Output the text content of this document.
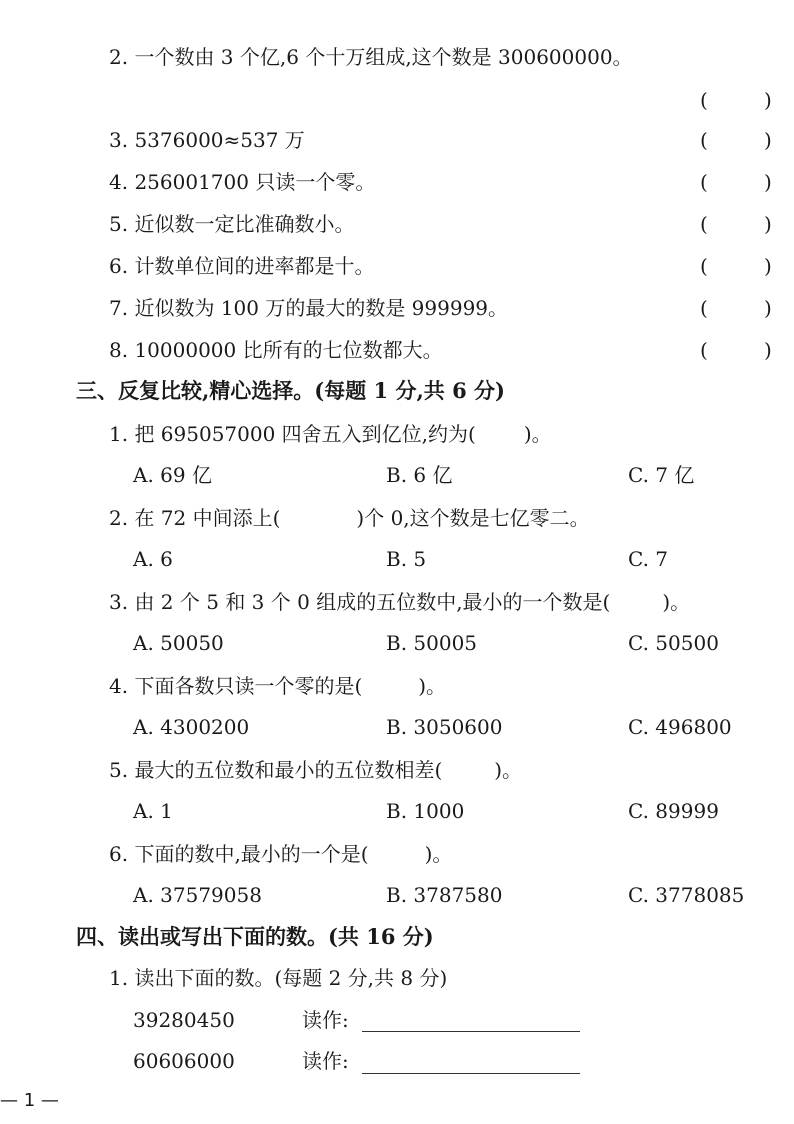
2. 一个数由 3 个亿,6 个十万组成,这个数是 300600000。
(	)
3. 5376000≈537 万	(	)
4. 256001700 只读一个零。	(	)
5. 近似数一定比准确数小。	(	)
6. 计数单位间的进率都是十。	(	)
7. 近似数为 100 万的最大的数是 999999。	(	)
8. 10000000 比所有的七位数都大。	(	)
三、反复比较,精心选择。(每题 1 分,共 6 分)
1. 把 695057000 四舍五入到亿位,约为( )。
A. 69 亿	B. 6 亿	C. 7 亿
2. 在 72 中间添上(	)个 0,这个数是七亿零二。
A. 6	B. 5	C. 7
3. 由 2 个 5 和 3 个 0 组成的五位数中,最小的一个数是(	)。
A. 50050	B. 50005	C. 50500
4. 下面各数只读一个零的是(	)。
A. 4300200	B. 3050600	C. 496800
5. 最大的五位数和最小的五位数相差(	)。
A. 1	B. 1000	C. 89999
6. 下面的数中,最小的一个是(	)。
A. 37579058	B. 3787580	C. 3778085
四、读出或写出下面的数。(共 16 分)
1. 读出下面的数。(每题 2 分,共 8 分)
39280450	读作:
60606000	读作:
— 1 —
